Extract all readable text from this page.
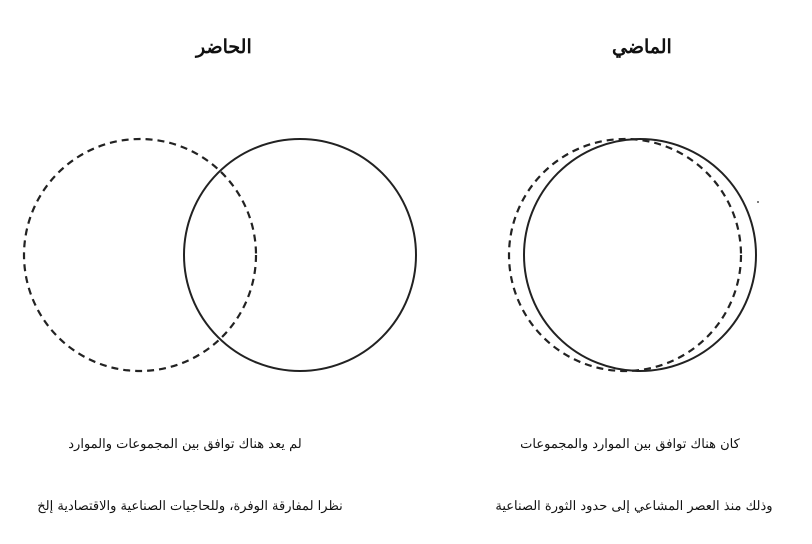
الحاضر	الماضي
لم يعد هناك توافق بين المجموعات والموارد
نظرا لمفارقة الوفرة، وللحاجيات الصناعية والاقتصادية إلخ
كان هناك توافق بين الموارد والمجموعات
وذلك منذ العصر المشاعي إلى حدود الثورة الصناعية
